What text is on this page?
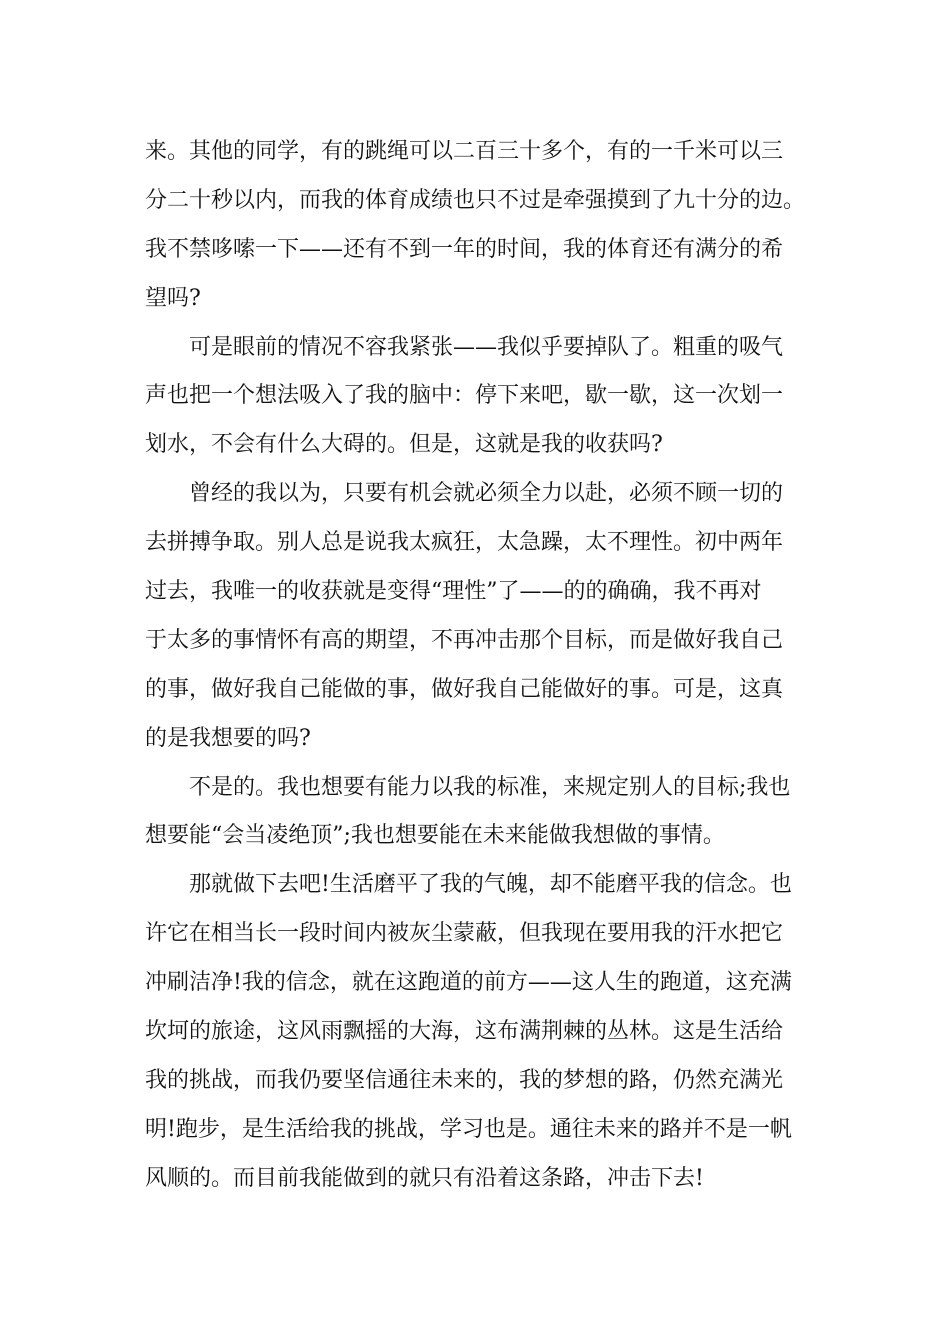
来。其他的同学，有的跳绳可以二百三十多个，有的一千米可以三
分二十秒以内，而我的体育成绩也只不过是牵强摸到了九十分的边。
我不禁哆嗦一下——还有不到一年的时间，我的体育还有满分的希
望吗?
　　可是眼前的情况不容我紧张——我似乎要掉队了。粗重的吸气
声也把一个想法吸入了我的脑中：停下来吧，歇一歇，这一次划一
划水，不会有什么大碍的。但是，这就是我的收获吗?
　　曾经的我以为，只要有机会就必须全力以赴，必须不顾一切的
去拼搏争取。别人总是说我太疯狂，太急躁，太不理性。初中两年
过去，我唯一的收获就是变得“理性”了——的的确确，我不再对
于太多的事情怀有高的期望，不再冲击那个目标，而是做好我自己
的事，做好我自己能做的事，做好我自己能做好的事。可是，这真
的是我想要的吗?
　　不是的。我也想要有能力以我的标准，来规定别人的目标;我也
想要能“会当凌绝顶”;我也想要能在未来能做我想做的事情。
　　那就做下去吧!生活磨平了我的气魄，却不能磨平我的信念。也
许它在相当长一段时间内被灰尘蒙蔽，但我现在要用我的汗水把它
冲刷洁净!我的信念，就在这跑道的前方——这人生的跑道，这充满
坎坷的旅途，这风雨飘摇的大海，这布满荆棘的丛林。这是生活给
我的挑战，而我仍要坚信通往未来的，我的梦想的路，仍然充满光
明!跑步，是生活给我的挑战，学习也是。通往未来的路并不是一帆
风顺的。而目前我能做到的就只有沿着这条路，冲击下去!
